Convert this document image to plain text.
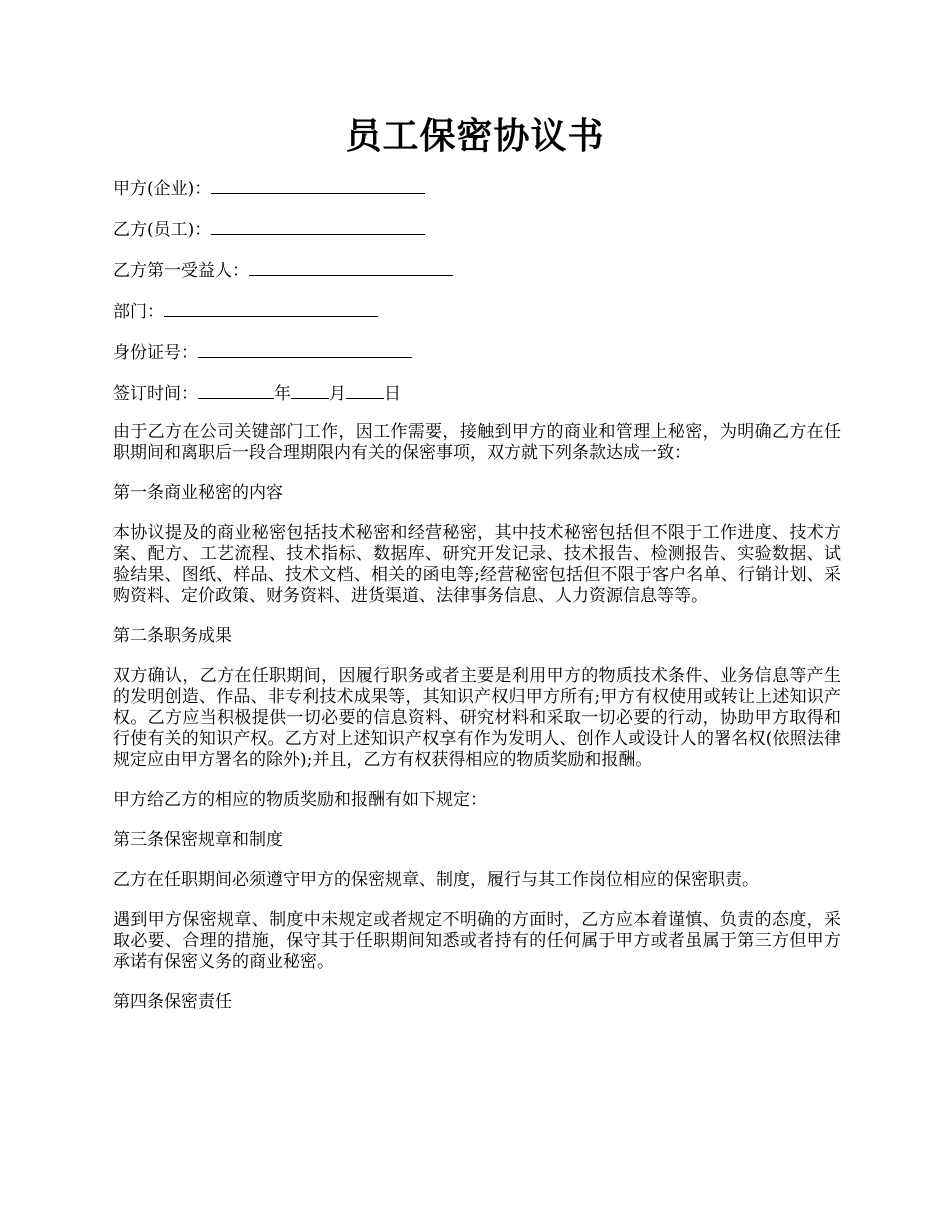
员工保密协议书
甲方(企业)：
乙方(员工)：
乙方第一受益人：
部门：
身份证号：
签订时间：	年 月 日

由于乙方在公司关键部门工作，因工作需要，接触到甲方的商业和管理上秘密，为明确乙方在任职期间和离职后一段合理期限内有关的保密事项，双方就下列条款达成一致：

第一条商业秘密的内容

本协议提及的商业秘密包括技术秘密和经营秘密，其中技术秘密包括但不限于工作进度、技术方案、配方、工艺流程、技术指标、数据库、研究开发记录、技术报告、检测报告、实验数据、试验结果、图纸、样品、技术文档、相关的函电等;经营秘密包括但不限于客户名单、行销计划、采购资料、定价政策、财务资料、进货渠道、法律事务信息、人力资源信息等等。

第二条职务成果

双方确认，乙方在任职期间，因履行职务或者主要是利用甲方的物质技术条件、业务信息等产生的发明创造、作品、非专利技术成果等，其知识产权归甲方所有;甲方有权使用或转让上述知识产权。乙方应当积极提供一切必要的信息资料、研究材料和采取一切必要的行动，协助甲方取得和行使有关的知识产权。乙方对上述知识产权享有作为发明人、创作人或设计人的署名权(依照法律规定应由甲方署名的除外);并且，乙方有权获得相应的物质奖励和报酬。

甲方给乙方的相应的物质奖励和报酬有如下规定：

第三条保密规章和制度

乙方在任职期间必须遵守甲方的保密规章、制度，履行与其工作岗位相应的保密职责。

遇到甲方保密规章、制度中未规定或者规定不明确的方面时，乙方应本着谨慎、负责的态度，采取必要、合理的措施，保守其于任职期间知悉或者持有的任何属于甲方或者虽属于第三方但甲方承诺有保密义务的商业秘密。

第四条保密责任
